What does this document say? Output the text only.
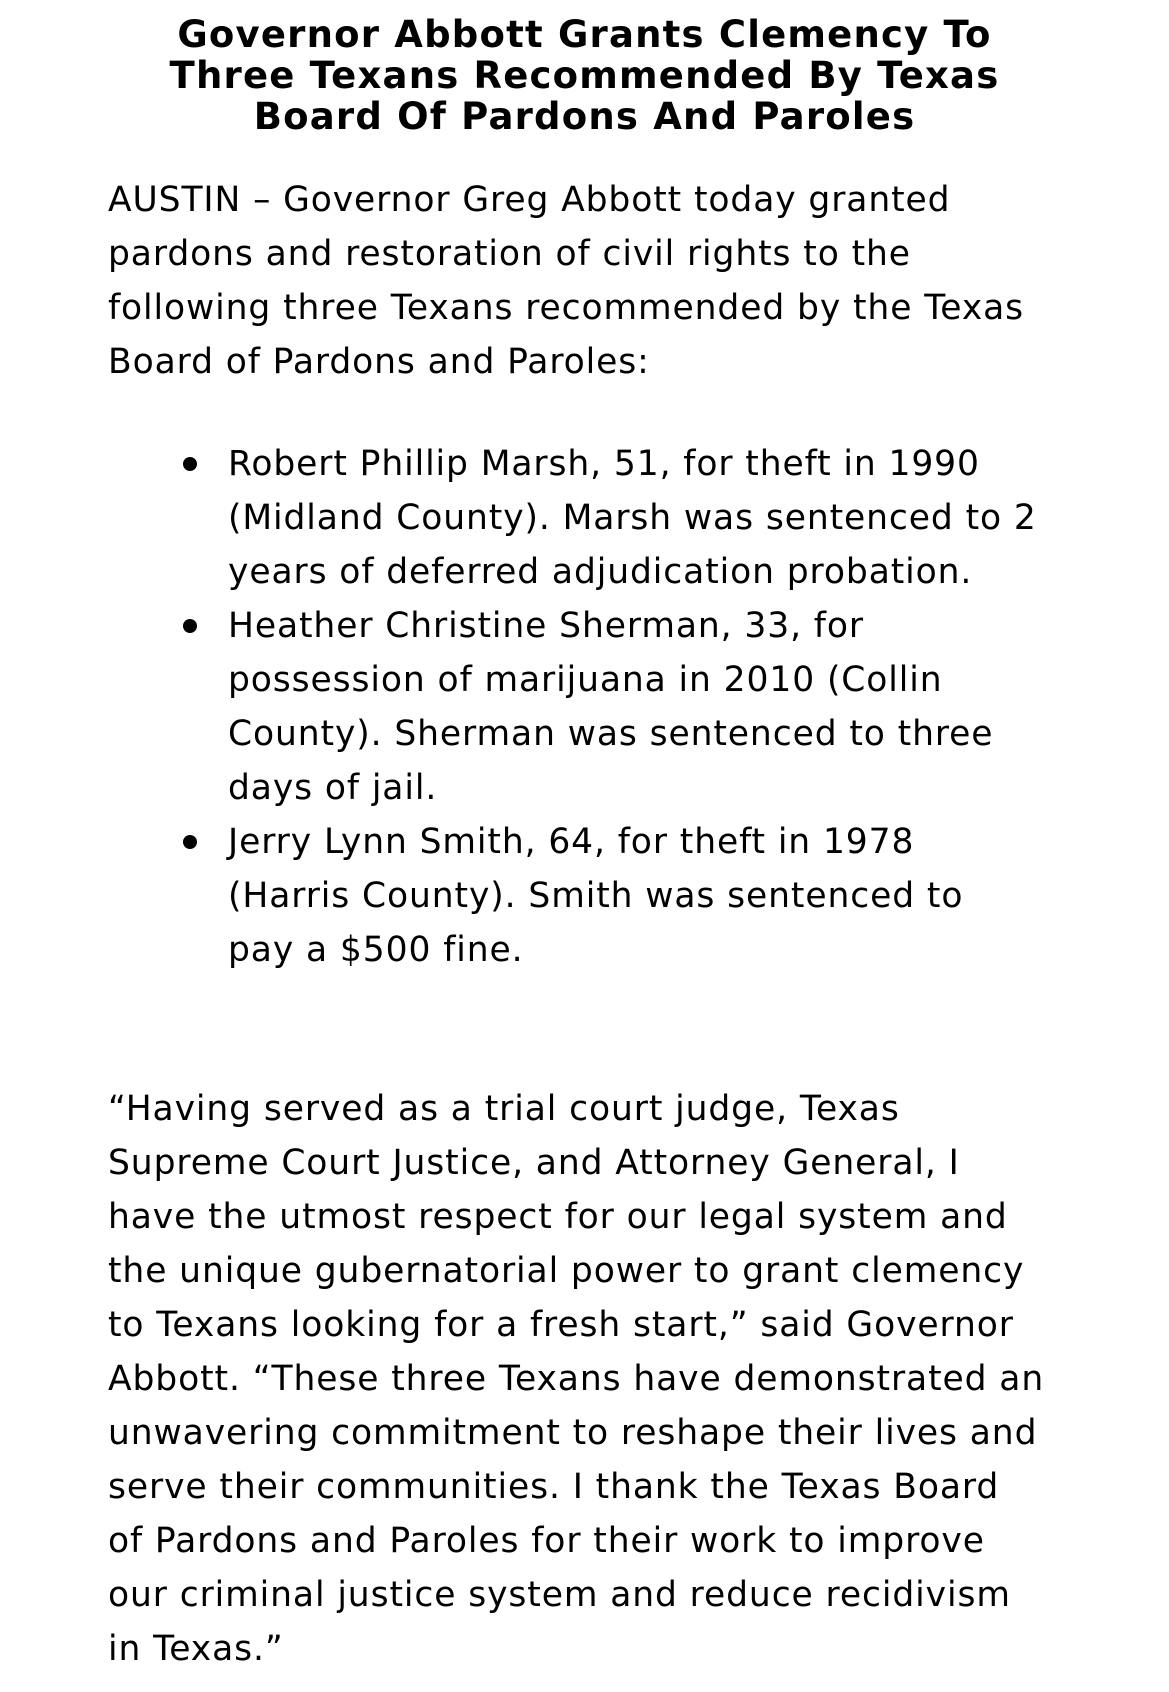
Governor Abbott Grants Clemency To
Three Texans Recommended By Texas
Board Of Pardons And Paroles

AUSTIN – Governor Greg Abbott today granted
pardons and restoration of civil rights to the
following three Texans recommended by the Texas
Board of Pardons and Paroles:

Robert Phillip Marsh, 51, for theft in 1990
(Midland County). Marsh was sentenced to 2
years of deferred adjudication probation.
Heather Christine Sherman, 33, for
possession of marijuana in 2010 (Collin
County). Sherman was sentenced to three
days of jail.
Jerry Lynn Smith, 64, for theft in 1978
(Harris County). Smith was sentenced to
pay a $500 fine.

“Having served as a trial court judge, Texas
Supreme Court Justice, and Attorney General, I
have the utmost respect for our legal system and
the unique gubernatorial power to grant clemency
to Texans looking for a fresh start,” said Governor
Abbott. “These three Texans have demonstrated an
unwavering commitment to reshape their lives and
serve their communities. I thank the Texas Board
of Pardons and Paroles for their work to improve
our criminal justice system and reduce recidivism
in Texas.”
